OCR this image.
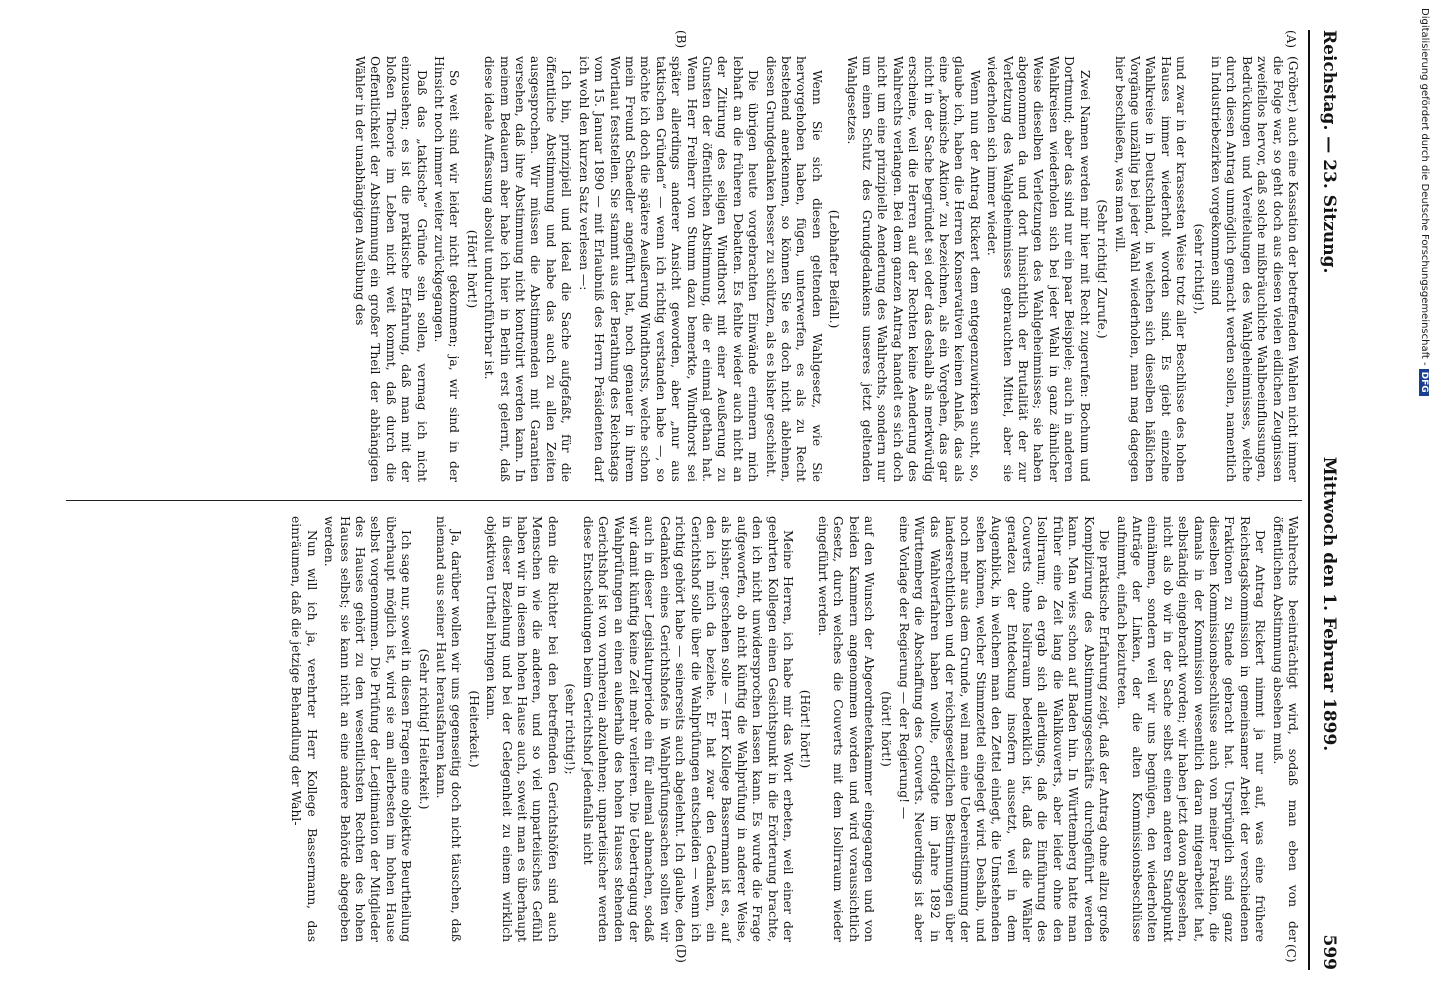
Reichstag. — 23. Sitzung.
Mittwoch den 1. Februar 1899.
599
(A)
(B)
(C)
(D)

(Gröber.) auch eine Kassation der betreffenden Wahlen nicht immer die Folge war, so geht doch aus diesen vielen eidlichen Zeugnissen zweifellos hervor, daß solche mißbräuchliche Wahlbeeinflussungen, Bedrückungen und Vereitelungen des Wahlgeheimnisses, welche durch diesen Antrag unmöglich gemacht werden sollen, namentlich in Industriebezirken vorgekommen sind

(sehr richtig!),

und zwar in der krassesten Weise trotz aller Beschlüsse des hohen Hauses immer wiederholt worden sind. Es giebt einzelne Wahlkreise in Deutschland, in welchen sich dieselben häßlichen Vorgänge unzählig bei jeder Wahl wiederholen, man mag dagegen hier beschließen, was man will.

(Sehr richtig! Zurufe.)

Zwei Namen werden mir hier mit Recht zugerufen: Bochum und Dortmund; aber das sind nur ein paar Beispiele; auch in anderen Wahlkreisen wiederholen sich bei jeder Wahl in ganz ähnlicher Weise dieselben Verletzungen des Wahlgeheimnisses; sie haben abgenommen da und dort hinsichtlich der Brutalität der zur Verletzung des Wahlgeheimnisses gebrauchten Mittel, aber sie wiederholen sich immer wieder.

Wenn nun der Antrag Rickert dem entgegenzuwirken sucht, so, glaube ich, haben die Herren Konservativen keinen Anlaß, das als eine „komische Aktion“ zu bezeichnen, als ein Vorgehen, das gar nicht in der Sache begründet sei oder das deshalb als merkwürdig erscheine, weil die Herren auf der Rechten keine Aenderung des Wahlrechts verlangen. Bei dem ganzen Antrag handelt es sich doch nicht um eine prinzipielle Aenderung des Wahlrechts, sondern nur um einen Schutz des Grundgedankens unseres jetzt geltenden Wahlgesetzes.

(Lebhafter Beifall.)

Wenn Sie sich diesen geltenden Wahlgesetz, wie Sie hervorgehoben haben, fügen, unterwerfen, es als zu Recht bestehend anerkennen, so können Sie es doch nicht ablehnen, diesen Grundgedanken besser zu schützen, als es bisher geschieht.

Die übrigen heute vorgebrachten Einwände erinnern mich lebhaft an die früheren Debatten. Es fehlte wieder auch nicht an der Zitirung des seligen Windthorst mit einer Aeußerung zu Gunsten der öffentlichen Abstimmung, die er einmal gethan hat. Wenn Herr Freiherr von Stumm dazu bemerkte, Windthorst sei später allerdings anderer Ansicht geworden, aber „nur aus taktischen Gründen“ — wenn ich richtig verstanden habe —, so möchte ich doch die spätere Aeußerung Windthorsts, welche schon mein Freund Schaedler angeführt hat, noch genauer in ihrem Wortlaut feststellen. Sie stammt aus der Berathung des Reichstags vom 15. Januar 1890 — mit Erlaubniß des Herrn Präsidenten darf ich wohl den kurzen Satz verlesen —:

Ich bin, prinzipiell und ideal die Sache aufgefaßt, für die öffentliche Abstimmung und habe das auch zu allen Zeiten ausgesprochen. Wir müssen die Abstimmenden mit Garantien versehen, daß ihre Abstimmung nicht kontrolirt werden kann. In meinem Bedauern aber habe ich hier in Berlin erst gelernt, daß diese ideale Auffassung absolut undurchführbar ist.

(Hört! hört!)

So weit sind wir leider nicht gekommen; ja, wir sind in der Hinsicht noch immer weiter zurückgegangen.

Daß das „taktische“ Gründe sein sollen, vermag ich nicht einzusehen; es ist die praktische Erfahrung, daß man mit der bloßen Theorie im Leben nicht weit kommt, daß durch die Oeffentlichkeit der Abstimmung ein großer Theil der abhängigen Wähler in der unabhängigen Ausübung des

Wahlrechts beeinträchtigt wird, sodaß man eben von der öffentlichen Abstimmung absehen muß.

Der Antrag Rickert nimmt ja nur auf, was eine frühere Reichstagskommission in gemeinsamer Arbeit der verschiedenen Fraktionen zu Stande gebracht hat. Ursprünglich sind ganz dieselben Kommissionsbeschlüsse auch von meiner Fraktion, die damals in der Kommission wesentlich daran mitgearbeitet hat, selbständig eingebracht worden; wir haben jetzt davon abgesehen, nicht als ob wir in der Sache selbst einen anderen Standpunkt einnähmen, sondern weil wir uns begnügen, den wiederholten Anträge der Linken, der die alten Kommissionsbeschlüsse aufnimmt, einfach beizutreten.

Die praktische Erfahrung zeigt, daß der Antrag ohne allzu große Komplizirung des Abstimmungsgeschäfts durchgeführt werden kann. Man wies schon auf Baden hin. In Württemberg hatte man früher eine Zeit lang die Wahlkouverts, aber leider ohne den Isolirraum; da ergab sich allerdings, daß die Einführung des Couverts ohne Isolirraum bedenklich ist, daß das die Wähler geradezu der Entdeckung insofern aussetzt, weil in dem Augenblick, in welchem man den Zettel einlegt, die Umstehenden sehen können, welcher Stimmzettel eingelegt wird. Deshalb, und noch mehr aus dem Grunde, weil man eine Uebereinstimmung der landesrechtlichen und der reichsgesetzlichen Bestimmungen über das Wahlverfahren haben wollte, erfolgte im Jahre 1892 in Württemberg die Abschaffung des Couverts. Neuerdings ist aber eine Vorlage der Regierung — der Regierung! —

(hört! hört!)

auf den Wunsch der Abgeordnetenkammer eingegangen und von beiden Kammern angenommen worden und wird voraussichtlich Gesetz, durch welches die Couverts mit dem Isolirraum wieder eingeführt werden.

(Hört! hört!)

Meine Herren, ich habe mir das Wort erbeten, weil einer der geehrten Kollegen einen Gesichtspunkt in die Erörterung brachte, den ich nicht unwidersprochen lassen kann. Es wurde die Frage aufgeworfen, ob nicht künftig die Wahlprüfung in anderer Weise, als bisher, geschehen solle — Herr Kollege Bassermann ist es, auf den ich mich da beziehe. Er hat zwar den Gedanken, ein Gerichtshof solle über die Wahlprüfungen entscheiden — wenn ich richtig gehört habe — seinerseits auch abgelehnt. Ich glaube, den Gedanken eines Gerichtshofes in Wahlprüfungssachen sollten wir auch in dieser Legislaturperiode ein für allemal abmachen, sodaß wir damit künftig keine Zeit mehr verlieren. Die Uebertragung der Wahlprüfungen an einen außerhalb des hohen Hauses stehenden Gerichtshof ist von vornherein abzulehnen; unparteiischer werden diese Entscheidungen beim Gerichtshof jedenfalls nicht

(sehr richtig!);

denn die Richter bei den betreffenden Gerichtshöfen sind auch Menschen wie die anderen, und so viel unparteiisches Gefühl haben wir in diesem hohen Hause auch, soweit man es überhaupt in dieser Beziehung und bei der Gelegenheit zu einem wirklich objektiven Urtheil bringen kann.

(Heiterkeit.)

Ja, darüber wollen wir uns gegenseitig doch nicht täuschen, daß niemand aus seiner Haut herausfahren kann.

(Sehr richtig! Heiterkeit.)

Ich sage nur, soweit in diesen Fragen eine objektive Beurtheilung überhaupt möglich ist, wird sie am allerbesten im hohen Hause selbst vorgenommen. Die Prüfung der Legitimation der Mitglieder des Hauses gehört zu den wesentlichsten Rechten des hohen Hauses selbst; sie kann nicht an eine andere Behörde abgegeben werden.

Nun will ich ja, verehrter Herr Kollege Bassermann, das einräumen, daß die jetzige Behandlung der Wahl-

Digitalisierung gefördert durch die Deutsche Forschungsgemeinschaft -DFG
